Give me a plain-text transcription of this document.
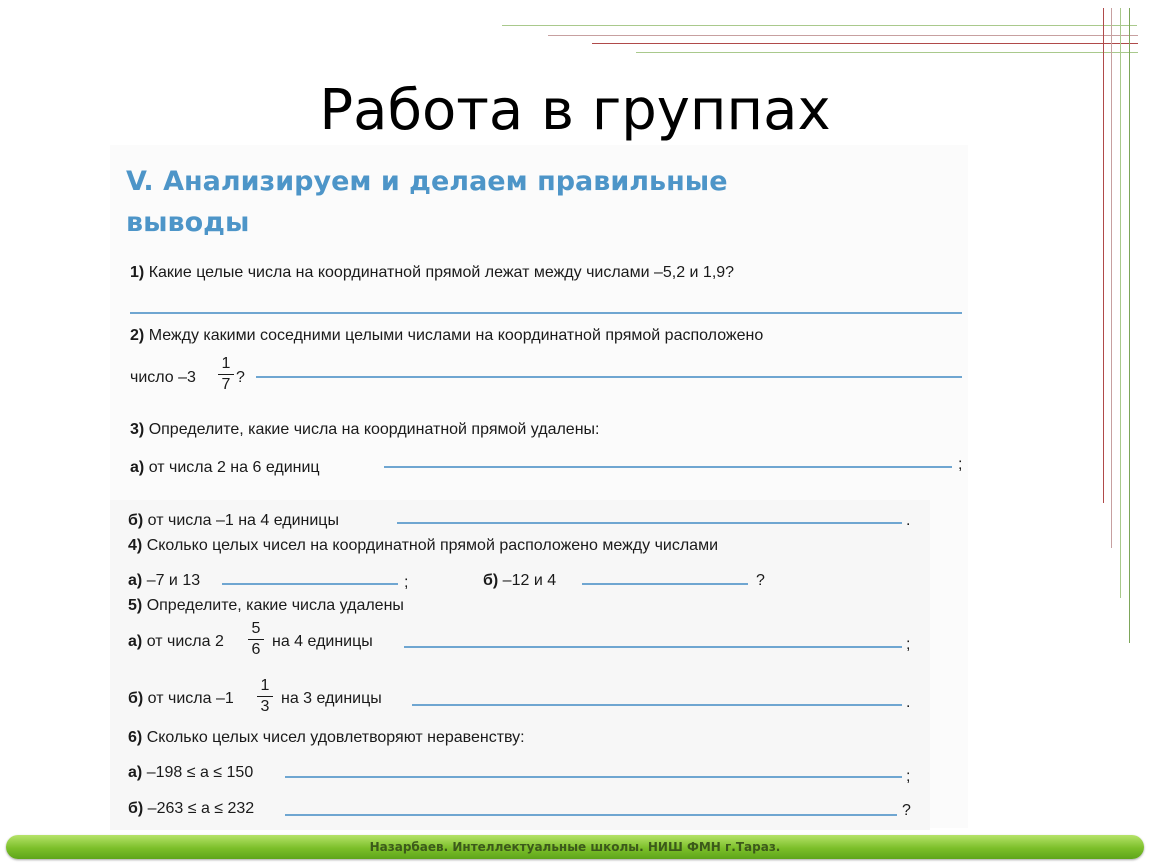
Работа в группах
V. Анализируем и делаем правильные
выводы
1) Какие целые числа на координатной прямой лежат между числами –5,2 и 1,9?
2) Между какими соседними целыми числами на координатной прямой расположено
число –3
1
7 ?
3) Определите, какие числа на координатной прямой удалены:
а) от числа 2 на 6 единиц	;
б) от числа –1 на 4 единицы	.
4) Сколько целых чисел на координатной прямой расположено между числами
а) –7 и 13	;	б) –12 и 4	?
5) Определите, какие числа удалены
а) от числа 2
5
6 на 4 единицы	;
б) от числа –1
1
3 на 3 единицы	.
6) Сколько целых чисел удовлетворяют неравенству:
а) –198 ≤ a ≤ 150	;
б) –263 ≤ a ≤ 232	?
Назарбаев. Интеллектуальные школы. НИШ ФМН г.Тараз.
